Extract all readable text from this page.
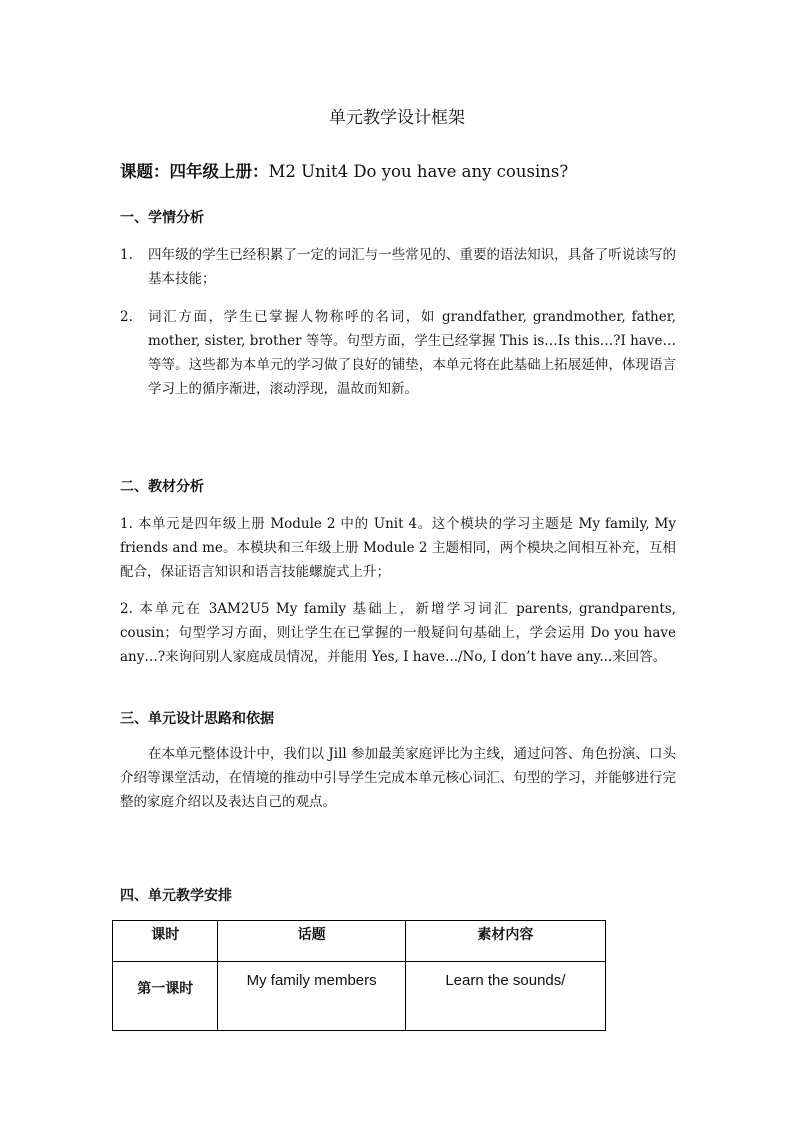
单元教学设计框架
课题：四年级上册：M2 Unit4 Do you have any cousins?
一、学情分析
1.	四年级的学生已经积累了一定的词汇与一些常见的、重要的语法知识，具备了听说读写的基本技能；
2.	词汇方面，学生已掌握人物称呼的名词，如 grandfather, grandmother, father, mother, sister, brother 等等。句型方面，学生已经掌握 This is…Is this…?I have…等等。这些都为本单元的学习做了良好的铺垫，本单元将在此基础上拓展延伸，体现语言学习上的循序渐进，滚动浮现，温故而知新。
二、教材分析
1. 本单元是四年级上册 Module 2 中的 Unit 4。这个模块的学习主题是 My family, My friends and me。本模块和三年级上册 Module 2 主题相同，两个模块之间相互补充，互相配合，保证语言知识和语言技能螺旋式上升；
2. 本单元在 3AM2U5 My family 基础上，新增学习词汇 parents, grandparents, cousin；句型学习方面，则让学生在已掌握的一般疑问句基础上，学会运用 Do you have any…?来询问别人家庭成员情况，并能用 Yes, I have.../No, I don’t have any...来回答。
三、单元设计思路和依据
在本单元整体设计中，我们以 Jill 参加最美家庭评比为主线，通过问答、角色扮演、口头介绍等课堂活动，在情境的推动中引导学生完成本单元核心词汇、句型的学习，并能够进行完整的家庭介绍以及表达自己的观点。
四、单元教学安排
课时	话题	素材内容
第一课时	My family members	Learn the sounds/
